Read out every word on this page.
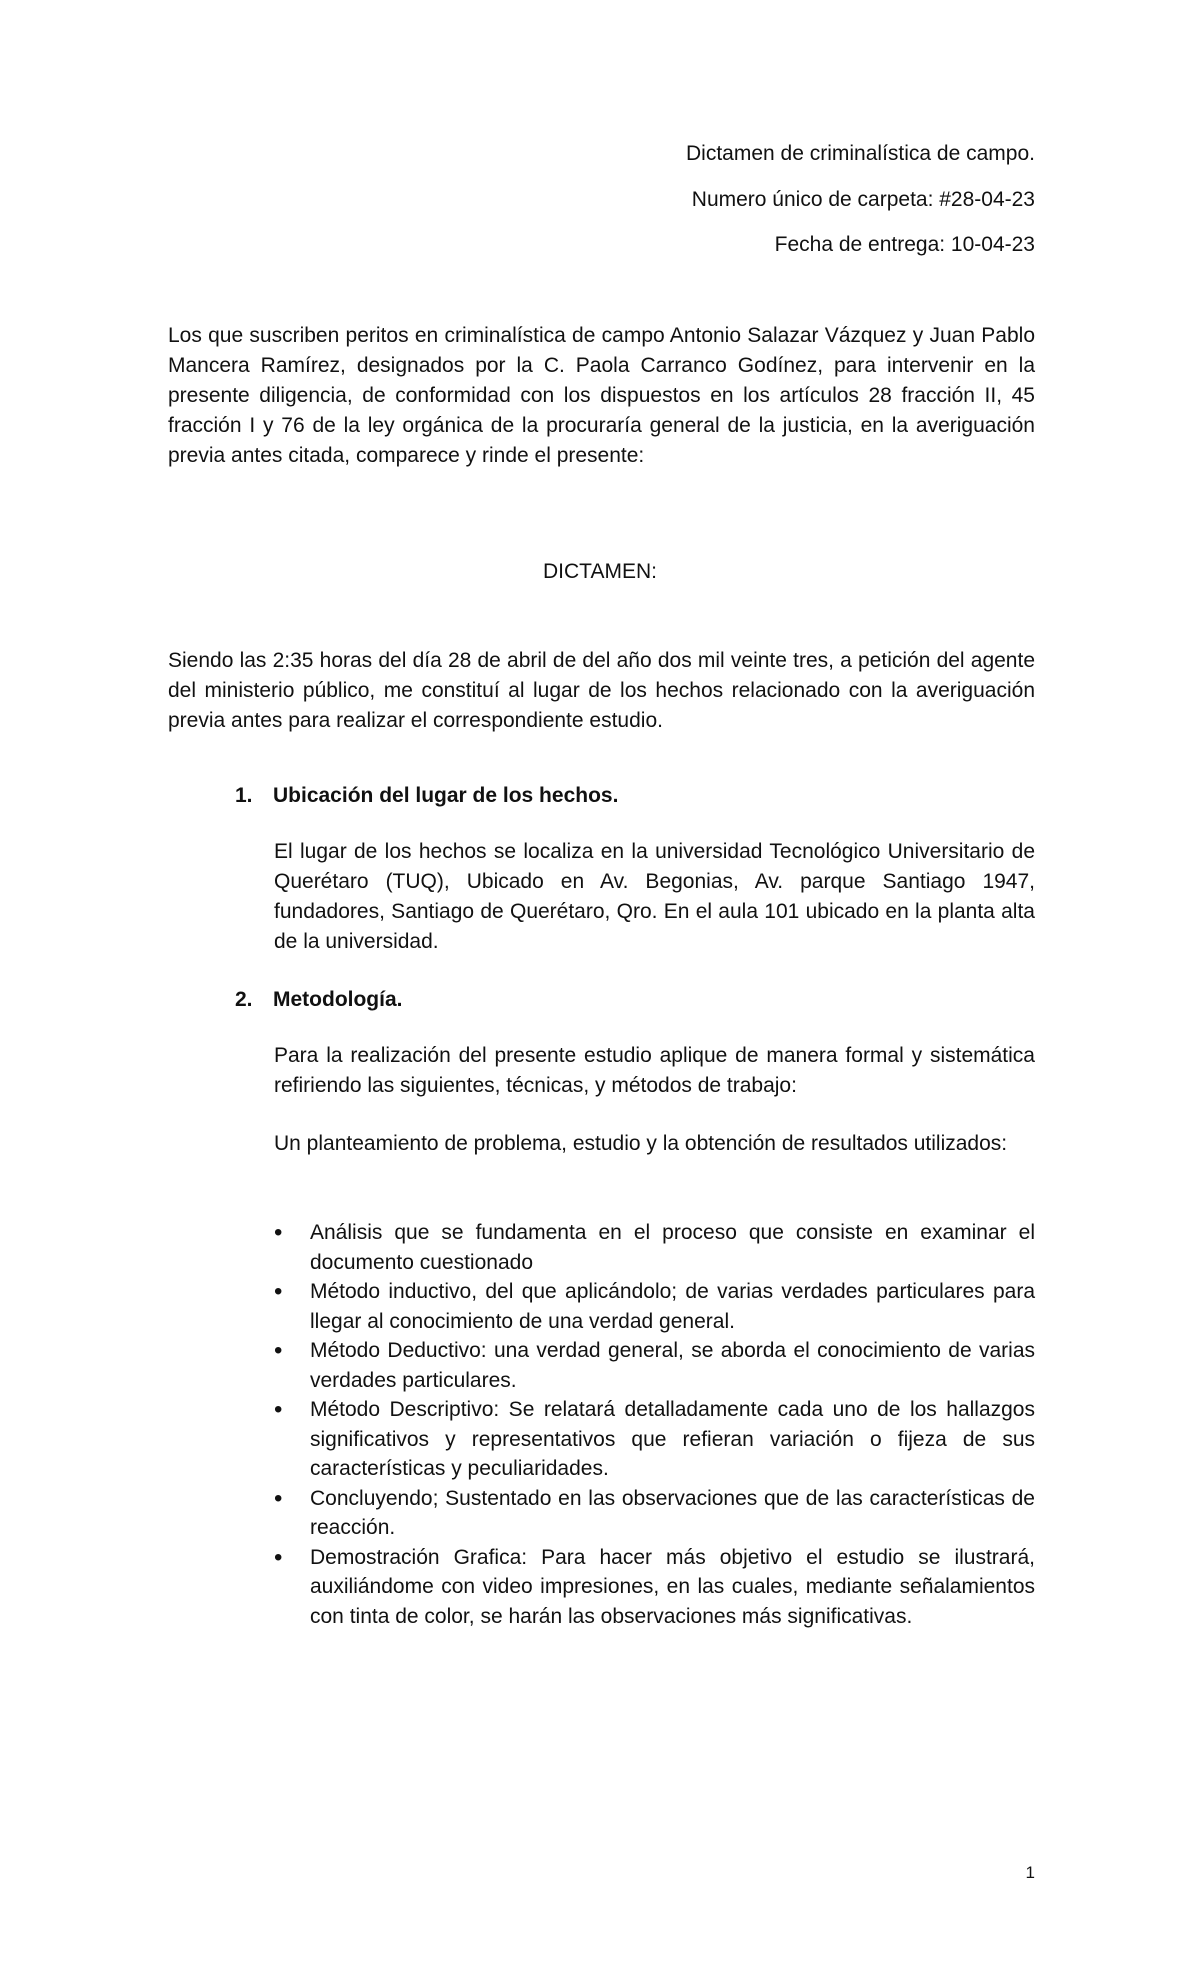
Dictamen de criminalística de campo.
Numero único de carpeta: #28-04-23
Fecha de entrega: 10-04-23

Los que suscriben peritos en criminalística de campo Antonio Salazar Vázquez y Juan Pablo Mancera Ramírez, designados por la C. Paola Carranco Godínez, para intervenir en la presente diligencia, de conformidad con los dispuestos en los artículos 28 fracción II, 45 fracción I y 76 de la ley orgánica de la procuraría general de la justicia, en la averiguación previa antes citada, comparece y rinde el presente:

DICTAMEN:

Siendo las 2:35 horas del día 28 de abril de del año dos mil veinte tres, a petición del agente del ministerio público, me constituí al lugar de los hechos relacionado con la averiguación previa antes para realizar el correspondiente estudio.

1. Ubicación del lugar de los hechos.

El lugar de los hechos se localiza en la universidad Tecnológico Universitario de Querétaro (TUQ), Ubicado en Av. Begonias, Av. parque Santiago 1947, fundadores, Santiago de Querétaro, Qro. En el aula 101 ubicado en la planta alta de la universidad.

2. Metodología.

Para la realización del presente estudio aplique de manera formal y sistemática refiriendo las siguientes, técnicas, y métodos de trabajo:

Un planteamiento de problema, estudio y la obtención de resultados utilizados:

• Análisis que se fundamenta en el proceso que consiste en examinar el documento cuestionado
• Método inductivo, del que aplicándolo; de varias verdades particulares para llegar al conocimiento de una verdad general.
• Método Deductivo: una verdad general, se aborda el conocimiento de varias verdades particulares.
• Método Descriptivo: Se relatará detalladamente cada uno de los hallazgos significativos y representativos que refieran variación o fijeza de sus características y peculiaridades.
• Concluyendo; Sustentado en las observaciones que de las características de reacción.
• Demostración Grafica: Para hacer más objetivo el estudio se ilustrará, auxiliándome con video impresiones, en las cuales, mediante señalamientos con tinta de color, se harán las observaciones más significativas.
1
